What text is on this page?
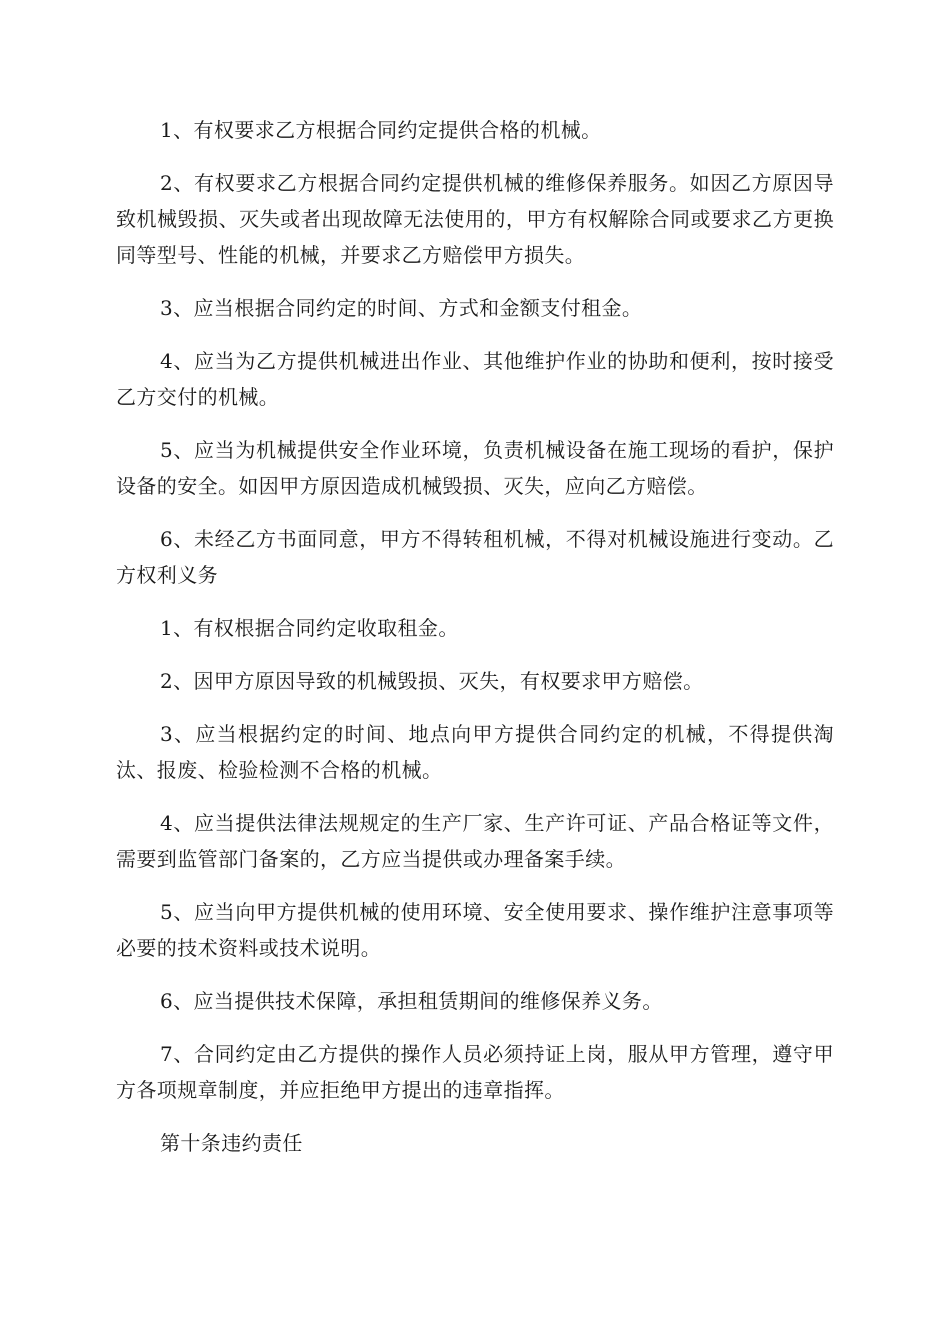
1、有权要求乙方根据合同约定提供合格的机械。

2、有权要求乙方根据合同约定提供机械的维修保养服务。如因乙方原因导致机械毁损、灭失或者出现故障无法使用的，甲方有权解除合同或要求乙方更换同等型号、性能的机械，并要求乙方赔偿甲方损失。

3、应当根据合同约定的时间、方式和金额支付租金。

4、应当为乙方提供机械进出作业、其他维护作业的协助和便利，按时接受乙方交付的机械。

5、应当为机械提供安全作业环境，负责机械设备在施工现场的看护，保护设备的安全。如因甲方原因造成机械毁损、灭失，应向乙方赔偿。

6、未经乙方书面同意，甲方不得转租机械，不得对机械设施进行变动。乙方权利义务

1、有权根据合同约定收取租金。

2、因甲方原因导致的机械毁损、灭失，有权要求甲方赔偿。

3、应当根据约定的时间、地点向甲方提供合同约定的机械，不得提供淘汰、报废、检验检测不合格的机械。

4、应当提供法律法规规定的生产厂家、生产许可证、产品合格证等文件，需要到监管部门备案的，乙方应当提供或办理备案手续。

5、应当向甲方提供机械的使用环境、安全使用要求、操作维护注意事项等必要的技术资料或技术说明。

6、应当提供技术保障，承担租赁期间的维修保养义务。

7、合同约定由乙方提供的操作人员必须持证上岗，服从甲方管理，遵守甲方各项规章制度，并应拒绝甲方提出的违章指挥。

第十条违约责任
